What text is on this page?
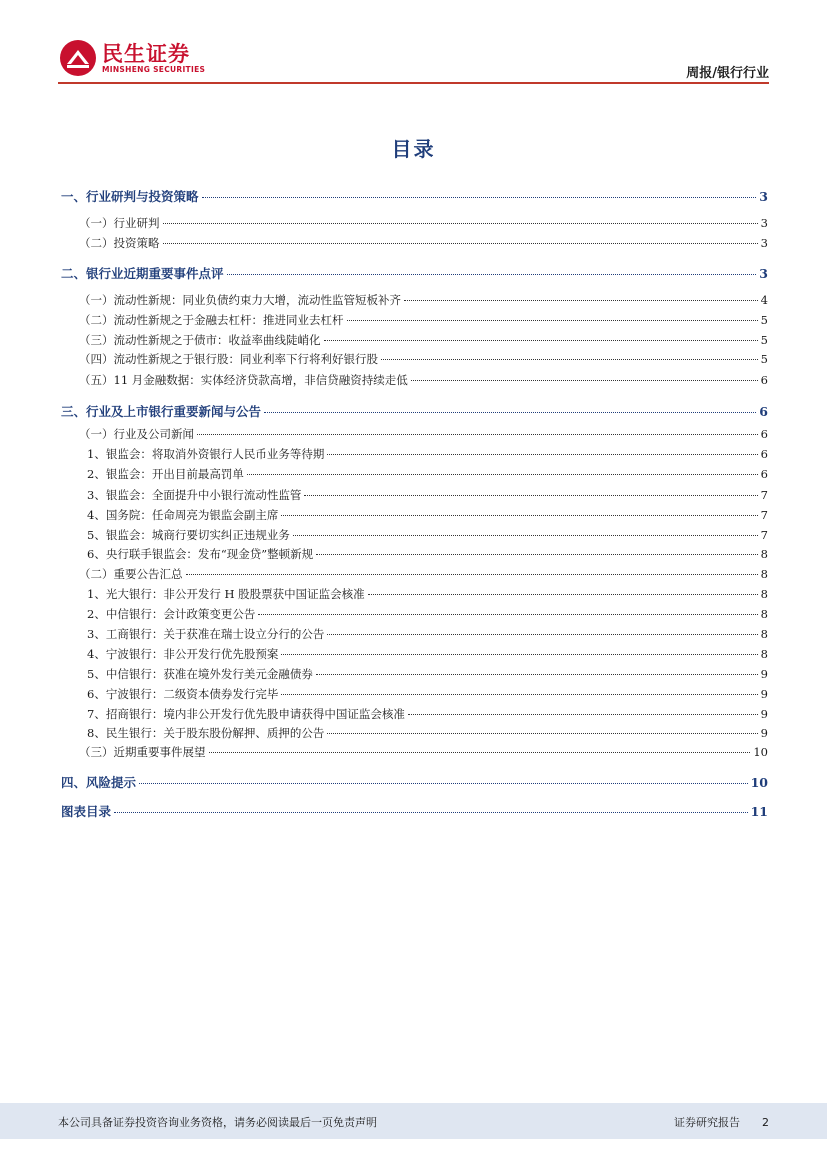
民生证券
MINSHENG SECURITIES	周报/银行行业
目录
一、行业研判与投资策略	3
（一）行业研判	3
（二）投资策略	3
二、银行业近期重要事件点评	3
（一）流动性新规：同业负债约束力大增，流动性监管短板补齐	4
（二）流动性新规之于金融去杠杆：推进同业去杠杆	5
（三）流动性新规之于债市：收益率曲线陡峭化	5
（四）流动性新规之于银行股：同业利率下行将利好银行股	5
（五）11 月金融数据：实体经济贷款高增，非信贷融资持续走低	6
三、行业及上市银行重要新闻与公告	6
（一）行业及公司新闻	6
1、银监会：将取消外资银行人民币业务等待期	6
2、银监会：开出目前最高罚单	6
3、银监会：全面提升中小银行流动性监管	7
4、国务院：任命周亮为银监会副主席	7
5、银监会：城商行要切实纠正违规业务	7
6、央行联手银监会：发布“现金贷”整顿新规	8
（二）重要公告汇总	8
1、光大银行：非公开发行 H 股股票获中国证监会核准	8
2、中信银行：会计政策变更公告	8
3、工商银行：关于获准在瑞士设立分行的公告	8
4、宁波银行：非公开发行优先股预案	8
5、中信银行：获准在境外发行美元金融债券	9
6、宁波银行：二级资本债券发行完毕	9
7、招商银行：境内非公开发行优先股申请获得中国证监会核准	9
8、民生银行：关于股东股份解押、质押的公告	9
（三）近期重要事件展望	10
四、风险提示	10
图表目录	11
本公司具备证券投资咨询业务资格，请务必阅读最后一页免责声明	证券研究报告 2
